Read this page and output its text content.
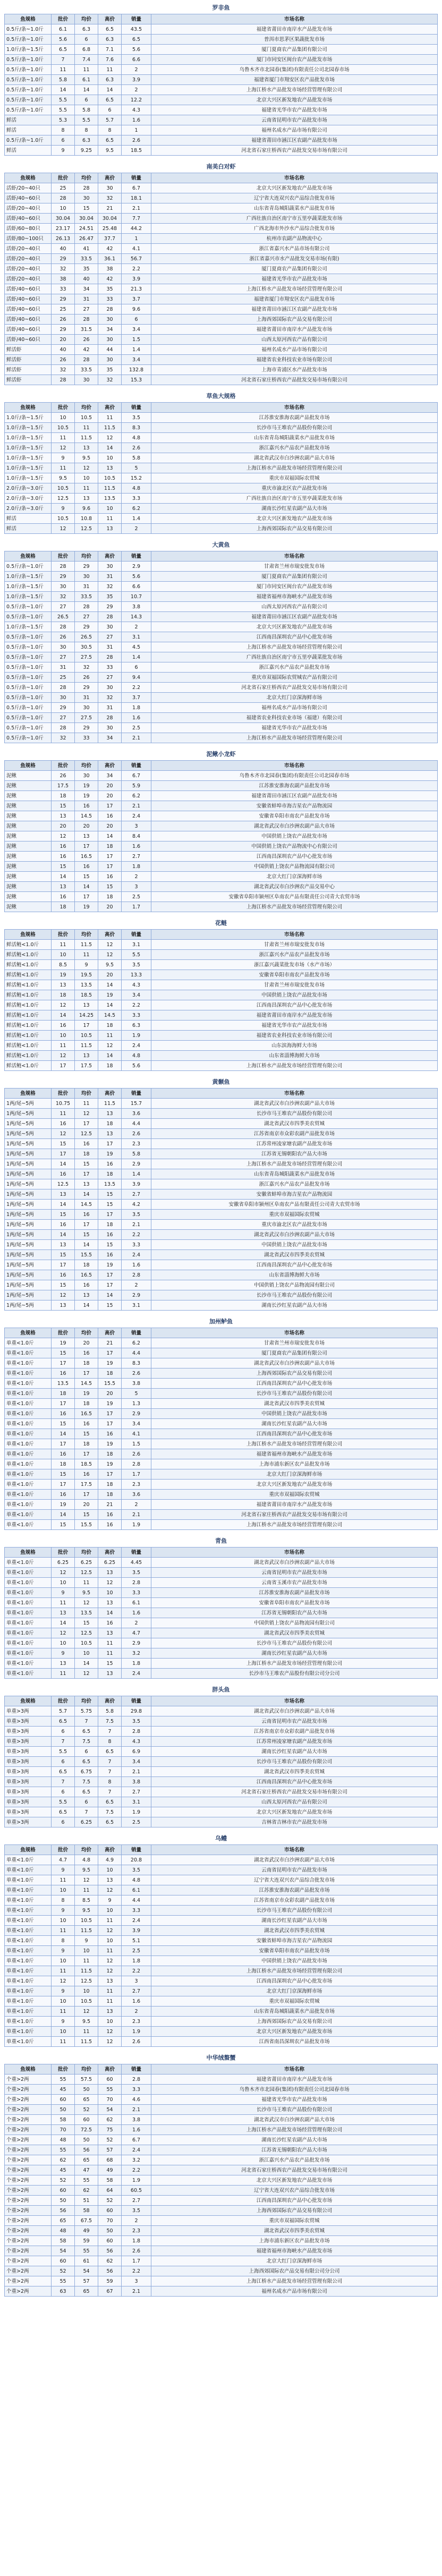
罗非鱼
鱼规格	批价	均价	高价	销量	市场名称
0.5斤/条~1.0斤	6.1	6.3	6.5	43.5	福建省莆田市南岸水产品批发市场
0.5斤/条~1.0斤	5.6	6	6.3	6.5	普洱市思茅区果蔬批发市场
1.0斤/条~1.5斤	6.5	6.8	7.1	5.6	厦门夏商农产品集团有限公司
0.5斤/条~1.0斤	7	7.4	7.6	6.6	厦门市同安区闽台农产品批发市场
0.5斤/条~1.0斤	11	11	11	2	乌鲁木齐市北园春(集团)有限责任公司北园春市场
0.5斤/条~1.0斤	5.8	6.1	6.3	3.9	福建省厦门市翔安区农产品批发市场
0.5斤/条~1.0斤	14	14	14	2	上海江桥水产品批发市场经营管理有限公司
0.5斤/条~1.0斤	5.5	6	6.5	12.2	北京大兴区新发地农产品批发市场
0.5斤/条~1.0斤	5.5	5.8	6	4.3	福建省光华市农产品批发市场
鲜活	5.3	5.5	5.7	1.6	云南省昆明市农产品批发市场
鲜活	8	8	8	1	福州名成水产品市场有限公司
0.5斤/条~1.0斤	6	6.3	6.5	2.6	福建省莆田市涵江区农副产品批发市场
鲜活	9	9.25	9.5	18.5	河北省石家庄桥西农产品批发交易市场有限公司
南美白对虾
鱼规格	批价	均价	高价	销量	市场名称
活虾/20~40只	25	28	30	6.7	北京大兴区新发地农产品批发市场
活虾/40~60只	28	30	32	18.1	辽宁省大连双兴农产品综合批发市场
活虾/20~40只	10	15	21	2.1	山东省青岛城阳蔬菜水产品批发市场
活虾/40~60只	30.04	30.04	30.04	7.7	广西壮族自治区南宁市五里亭蔬菜批发市场
活虾/60~80只	23.17	24.51	25.48	44.2	广西北海市外沙水产品综合批发市场
活虾/80~100只	26.13	26.47	37.7	1	杭州市农副产品物流中心
活虾/20~40只	40	41	42	4.1	浙江省嘉兴水产品市场有限公司
活虾/20~40只	29	33.5	36.1	56.7	浙江省嘉兴市水产品批发交易市场(有限)
活虾/20~40只	32	35	38	2.2	厦门夏商农产品集团有限公司
活虾/20~40只	38	40	42	3.9	福建省光华市农产品批发市场
活虾/40~60只	33	34	35	21.3	上海江桥水产品批发市场经营管理有限公司
活虾/40~60只	29	31	33	3.7	福建省厦门市翔安区农产品批发市场
活虾/40~60只	25	27	28	9.6	福建省莆田市涵江区农副产品批发市场
活虾/40~60只	26	28	30	6	上海西郊国际农产品交易有限公司
活虾/40~60只	29	31.5	34	3.4	福建省莆田市南岸水产品批发市场
活虾/40~60只	20	26	30	1.5	山西太原河西农产品有限公司
鲜活虾	40	42	44	1.4	福州名成水产品市场有限公司
鲜活虾	26	28	30	3.4	福建省农业科技农业市场有限公司
鲜活虾	32	33.5	35	132.8	上海市青浦区水产品批发市场
鲜活虾	28	30	32	15.3	河北省石家庄桥西农产品批发交易市场有限公司
草鱼大规格
鱼规格	批价	均价	高价	销量	市场名称
1.0斤/条~1.5斤	10	10.5	11	3.5	江苏淮安淮海农副产品批发市场
1.0斤/条~1.5斤	10.5	11	11.5	8.3	长沙市马王堆农产品股份有限公司
1.0斤/条~1.5斤	11	11.5	12	4.8	山东省青岛城阳蔬菜水产品批发市场
1.0斤/条~1.5斤	12	13	14	2.6	浙江嘉兴水产品农产品批发市场
1.0斤/条~1.5斤	9	9.5	10	5.8	湖北省武汉市白沙洲农副产品大市场
1.0斤/条~1.5斤	11	12	13	5	上海江桥水产品批发市场经营管理有限公司
1.0斤/条~1.5斤	9.5	10	10.5	15.2	重庆市双福国际农贸城
2.0斤/条~3.0斤	10.5	11	11.5	4.8	重庆市渝北区农产品批发市场
2.0斤/条~3.0斤	12.5	13	13.5	3.3	广西壮族自治区南宁市五里亭蔬菜批发市场
2.0斤/条~3.0斤	9	9.6	10	6.2	湖南长沙红星农副产品大市场
鲜活	10.5	10.8	11	1.4	北京大兴区新发地农产品批发市场
鲜活	12	12.5	13	2	上海西郊国际农产品交易有限公司
大黄鱼
鱼规格	批价	均价	高价	销量	市场名称
0.5斤/条~1.0斤	28	29	30	2.9	甘肃省兰州市瑞安批发市场
1.0斤/条~1.5斤	29	30	31	5.6	厦门夏商农产品集团有限公司
1.0斤/条~1.5斤	30	31	32	6.6	厦门市同安区闽台农产品批发市场
1.0斤/条~1.5斤	32	33.5	35	10.7	福建省福州市海峡水产品批发市场
0.5斤/条~1.0斤	27	28	29	3.8	山西太原河西农产品有限公司
0.5斤/条~1.0斤	26.5	27	28	14.3	福建省莆田市涵江区农副产品批发市场
1.0斤/条~1.5斤	28	29	30	2	北京大兴区新发地农产品批发市场
0.5斤/条~1.0斤	26	26.5	27	3.1	江西南昌深圳农产品中心批发市场
0.5斤/条~1.0斤	30	30.5	31	4.5	上海江桥水产品批发市场经营管理有限公司
0.5斤/条~1.0斤	27	27.5	28	1.4	广西壮族自治区南宁市五里亭蔬菜批发市场
0.5斤/条~1.0斤	31	32	33	6	浙江嘉兴水产品农产品批发市场
0.5斤/条~1.0斤	25	26	27	9.4	重庆市双福国际农贸城农产品有限公司
0.5斤/条~1.0斤	28	29	30	2.2	河北省石家庄桥西农产品批发交易市场有限公司
0.5斤/条~1.0斤	30	31	32	3.7	北京大红门京深海鲜市场
0.5斤/条~1.0斤	29	30	31	1.8	福州名成水产品市场有限公司
0.5斤/条~1.0斤	27	27.5	28	1.6	福建省农业科技农业市场（福建）有限公司
0.5斤/条~1.0斤	28	29	30	2.5	福建省光华市农产品批发市场
0.5斤/条~1.0斤	32	33	34	2.1	上海江桥水产品批发市场经营管理有限公司
泥鳅小龙虾
鱼规格	批价	均价	高价	销量	市场名称
泥鳅	26	30	34	6.7	乌鲁木齐市北园春(集团)有限责任公司北园春市场
泥鳅	17.5	19	20	5.9	江苏淮安淮海农副产品批发市场
泥鳅	18	19	20	6.2	福建省莆田市涵江区农副产品批发市场
泥鳅	15	16	17	2.1	安徽省蚌埠市海吉星农产品物流园
泥鳅	13	14.5	16	2.4	安徽省阜阳市南农产品批发市场
泥鳅	20	20	20	3	湖北省武汉市白沙洲农副产品大市场
泥鳅	12	13	14	8.4	中国供销上饶农产品批发市场
泥鳅	16	17	18	1.6	中国供销上饶农产品物流中心有限公司
泥鳅	16	16.5	17	2.7	江西南昌深圳农产品中心批发市场
泥鳅	15	16	17	1.8	中国供销上饶农产品物流园有限公司
泥鳅	14	15	16	2	北京大红门京深海鲜市场
泥鳅	13	14	15	3	湖北省武汉市白沙洲农产品交易中心
泥鳅	16	17	18	2.5	安徽省阜阳市颍州区阜南农产品有限责任公司青大农贸市场
泥鳅	18	19	20	1.7	上海江桥水产品批发市场经营管理有限公司
花鲢
鱼规格	批价	均价	高价	销量	市场名称
鲜活鲢<1.0斤	11	11.5	12	3.1	甘肃省兰州市瑞安批发市场
鲜活鲢<1.0斤	10	11	12	5.5	浙江嘉兴水产品农产品批发市场
鲜活鲢<1.0斤	8.5	9	9.5	3.5	浙江嘉兴蔬菜批发市场（水产市场）
鲜活鲢<1.0斤	19	19.5	20	13.3	安徽省阜阳市南农产品批发市场
鲜活鲢<1.0斤	13	13.5	14	4.3	甘肃省兰州市瑞安批发市场
鲜活鲢<1.0斤	18	18.5	19	3.4	中国供销上饶农产品批发市场
鲜活鲢<1.0斤	12	13	14	2.2	江西南昌深圳农产品中心批发市场
鲜活鲢<1.0斤	14	14.25	14.5	3.3	福建省莆田市南岸水产品批发市场
鲜活鲢<1.0斤	16	17	18	6.3	福建省光华市农产品批发市场
鲜活鲢<1.0斤	10	10.5	11	1.9	福建省农业科技农业市场有限公司
鲜活鲢<1.0斤	11	11.5	12	2.4	山东滨海海鲜大市场
鲜活鲢<1.0斤	12	13	14	4.8	山东省淄博海鲜大市场
鲜活鲢<1.0斤	17	17.5	18	5.6	上海江桥水产品批发市场经营管理有限公司
黄颡鱼
鱼规格	批价	均价	高价	销量	市场名称
1两/尾~5两	10.75	11	11.5	15.7	湖北省武汉市白沙洲农副产品大市场
1两/尾~5两	11	12	13	3.6	长沙市马王堆农产品股份有限公司
1两/尾~5两	16	17	18	4.4	湖北省武汉市四季美农贸城
1两/尾~5两	12	12.5	13	2.6	江苏省南京市众彩农副产品批发市场
1两/尾~5两	15	16	17	2.3	江苏常州凌家塘农副产品批发市场
1两/尾~5两	17	18	19	5.8	江苏省无锡朝阳农产品大市场
1两/尾~5两	14	15	16	2.9	上海江桥水产品批发市场经营管理有限公司
1两/尾~5两	16	17	18	1.4	山东省青岛城阳蔬菜水产品批发市场
1两/尾~5两	12.5	13	13.5	3.9	浙江嘉兴水产品农产品批发市场
1两/尾~5两	13	14	15	2.7	安徽省蚌埠市海吉星农产品物流园
1两/尾~5两	14	14.5	15	4.2	安徽省阜阳市颍州区阜南农产品有限责任公司青大农贸市场
1两/尾~5两	15	16	17	3.5	重庆市双福国际农贸城
1两/尾~5两	16	17	18	2.1	重庆市渝北区农产品批发市场
1两/尾~5两	14	15	16	2.2	湖北省武汉市白沙洲农副产品大市场
1两/尾~5两	13	14	15	3.3	中国供销上饶农产品批发市场
1两/尾~5两	15	15.5	16	2.4	湖北省武汉市四季美农贸城
1两/尾~5两	17	18	19	1.6	江西南昌深圳农产品中心批发市场
1两/尾~5两	16	16.5	17	2.8	山东省淄博海鲜大市场
1两/尾~5两	15	16	17	2	中国供销上饶农产品物流园有限公司
1两/尾~5两	12	13	14	2.9	长沙市马王堆农产品股份有限公司
1两/尾~5两	13	14	15	3.1	湖南长沙红星农副产品大市场
加州鲈鱼
鱼规格	批价	均价	高价	销量	市场名称
单重<1.0斤	19	20	21	6.2	甘肃省兰州市瑞安批发市场
单重<1.0斤	15	16	17	4.4	厦门夏商农产品集团有限公司
单重<1.0斤	17	18	19	8.3	湖北省武汉市白沙洲农副产品大市场
单重<1.0斤	16	17	18	2.6	上海西郊国际农产品交易有限公司
单重<1.0斤	13.5	14.5	15.5	3.8	江西南昌深圳农产品中心批发市场
单重<1.0斤	18	19	20	5	长沙市马王堆农产品股份有限公司
单重<1.0斤	17	18	19	1.3	湖北省武汉市四季美农贸城
单重<1.0斤	16	16.5	17	2.9	中国供销上饶农产品批发市场
单重<1.0斤	15	16	17	3.4	湖南长沙红星农副产品大市场
单重<1.0斤	14	15	16	4.1	江西南昌深圳农产品中心批发市场
单重<1.0斤	17	18	19	1.5	上海江桥水产品批发市场经营管理有限公司
单重<1.0斤	16	17	18	2.6	福建省福州市海峡水产品批发市场
单重<1.0斤	18	18.5	19	2.8	上海市浦东新区农产品批发市场
单重<1.0斤	15	16	17	1.7	北京大红门京深海鲜市场
单重<1.0斤	17	17.5	18	2.3	北京大兴区新发地农产品批发市场
单重<1.0斤	16	17	18	3.6	重庆市双福国际农贸城
单重<1.0斤	19	20	21	2	福建省莆田市南岸水产品批发市场
单重<1.0斤	14	15	16	2.1	河北省石家庄桥西农产品批发交易市场有限公司
单重<1.0斤	15	15.5	16	1.9	上海江桥水产品批发市场经营管理有限公司
青鱼
鱼规格	批价	均价	高价	销量	市场名称
单重<1.0斤	6.25	6.25	6.25	4.45	湖北省武汉市白沙洲农副产品大市场
单重<1.0斤	12	12.5	13	3.5	云南省昆明市农产品批发市场
单重<1.0斤	10	11	12	2.8	云南省玉溪市农产品批发市场
单重<1.0斤	9	9.5	10	3.3	江苏淮安淮海农副产品批发市场
单重<1.0斤	11	12	13	6.1	安徽省阜阳市南农产品批发市场
单重<1.0斤	13	13.5	14	1.6	江苏省无锡朝阳农产品大市场
单重<1.0斤	14	15	16	2	中国供销上饶农产品物流园有限公司
单重<1.0斤	12	12.5	13	4.7	湖北省武汉市四季美农贸城
单重<1.0斤	10	10.5	11	2.9	长沙市马王堆农产品股份有限公司
单重<1.0斤	9	10	11	3.2	湖南长沙红星农副产品大市场
单重<1.0斤	13	14	15	1.8	上海江桥水产品批发市场经营管理有限公司
单重<1.0斤	11	12	13	2.4	长沙市马王堆农产品股份有限公司分公司
胖头鱼
鱼规格	批价	均价	高价	销量	市场名称
单重>3两	5.7	5.75	5.8	29.8	湖北省武汉市白沙洲农副产品大市场
单重>3两	6.5	7	7.5	3.5	云南省昆明市农产品批发市场
单重>3两	6	6.5	7	2.8	江苏省南京市众彩农副产品批发市场
单重>3两	7	7.5	8	4.3	江苏常州凌家塘农副产品批发市场
单重>3两	5.5	6	6.5	6.9	湖南长沙红星农副产品大市场
单重>3两	6	6.5	7	3.4	长沙市马王堆农产品股份有限公司
单重>3两	6.5	6.75	7	2.1	湖北省武汉市四季美农贸城
单重>3两	7	7.5	8	3.8	江西南昌深圳农产品中心批发市场
单重>3两	6	6.5	7	2.7	河北省石家庄桥西农产品批发交易市场有限公司
单重>3两	5.5	6	6.5	3.1	山西太原河西农产品有限公司
单重>3两	6.5	7	7.5	1.9	北京大兴区新发地农产品批发市场
单重>3两	6	6.25	6.5	2.5	吉林省吉林市农产品批发市场
乌鳢
鱼规格	批价	均价	高价	销量	市场名称
单重<1.0斤	4.7	4.8	4.9	20.8	湖北省武汉市白沙洲农副产品大市场
单重<1.0斤	9	9.5	10	3.5	云南省昆明市农产品批发市场
单重<1.0斤	11	12	13	4.8	辽宁省大连双兴农产品综合批发市场
单重<1.0斤	10	11	12	6.1	江苏淮安淮海农副产品批发市场
单重<1.0斤	8	8.5	9	4.4	江苏省南京市众彩农副产品批发市场
单重<1.0斤	9	9.5	10	3.3	长沙市马王堆农产品股份有限公司
单重<1.0斤	10	10.5	11	2.4	湖南长沙红星农副产品大市场
单重<1.0斤	11	11.5	12	3.9	湖北省武汉市四季美农贸城
单重<1.0斤	8	9	10	5.1	安徽省蚌埠市海吉星农产品物流园
单重<1.0斤	9	10	11	2.5	安徽省阜阳市南农产品批发市场
单重<1.0斤	10	11	12	1.8	中国供销上饶农产品批发市场
单重<1.0斤	11	11.5	12	2.2	上海江桥水产品批发市场经营管理有限公司
单重<1.0斤	12	12.5	13	3	江西南昌深圳农产品中心批发市场
单重<1.0斤	9	10	11	2.7	北京大红门京深海鲜市场
单重<1.0斤	10	10.5	11	1.6	重庆市双福国际农贸城
单重<1.0斤	11	12	13	2	山东省青岛城阳蔬菜水产品批发市场
单重<1.0斤	9	9.5	10	2.3	上海西郊国际农产品交易有限公司
单重<1.0斤	10	11	12	1.9	北京大兴区新发地农产品批发市场
单重<1.0斤	11	11.5	12	2.6	江西省南昌深圳农产品批发市场
中华绒螯蟹
鱼规格	批价	均价	高价	销量	市场名称
个重>2两	55	57.5	60	2.8	福建省莆田市南岸水产品批发市场
个重>2两	45	50	55	3.3	乌鲁木齐市北园春(集团)有限责任公司北园春市场
个重>2两	60	65	70	4.6	福建省光华市农产品批发市场
个重>2两	50	52	54	2.1	长沙市马王堆农产品股份有限公司
个重>2两	58	60	62	3.8	湖北省武汉市白沙洲农副产品大市场
个重>2两	70	72.5	75	1.6	上海江桥水产品批发市场经营管理有限公司
个重>2两	48	50	52	6.7	湖南长沙红星农副产品大市场
个重>2两	55	56	57	2.4	江苏省无锡朝阳农产品大市场
个重>2两	62	65	68	3.2	浙江嘉兴水产品农产品批发市场
个重>2两	45	47	49	2.2	河北省石家庄桥西农产品批发交易市场有限公司
个重>2两	52	55	58	1.9	北京大兴区新发地农产品批发市场
个重>2两	60	62	64	60.5	辽宁省大连双兴农产品综合批发市场
个重>2两	50	51	52	2.7	江西南昌深圳农产品中心批发市场
个重>2两	56	58	60	3.5	上海西郊国际农产品交易有限公司
个重>2两	65	67.5	70	2	重庆市双福国际农贸城
个重>2两	48	49	50	2.3	湖北省武汉市四季美农贸城
个重>2两	58	59	60	1.8	上海市浦东新区农产品批发市场
个重>2两	54	55	56	2.6	福建省福州市海峡水产品批发市场
个重>2两	60	61	62	1.7	北京大红门京深海鲜市场
个重>2两	52	54	56	2.2	上海西郊国际农产品交易有限公司分公司
个重>2两	55	57	59	3	上海江桥水产品批发市场经营管理有限公司
个重>2两	63	65	67	2.1	福州名成水产品市场有限公司
